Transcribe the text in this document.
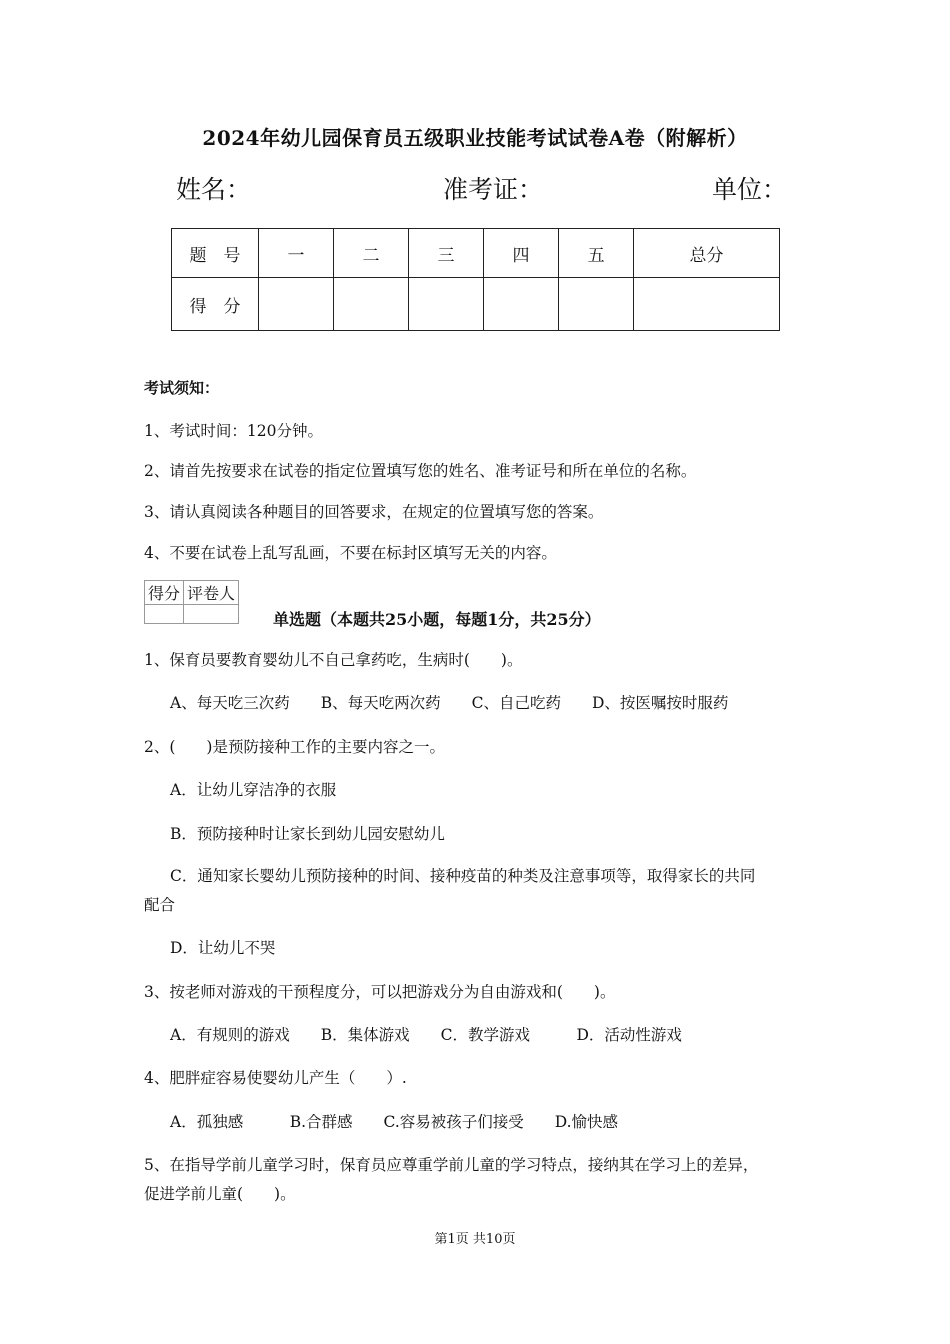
2024年幼儿园保育员五级职业技能考试试卷A卷（附解析）
姓名：	准考证：	单位：
题　号	一	二	三	四	五	总分
得　分						
考试须知：
1、考试时间：120分钟。
2、请首先按要求在试卷的指定位置填写您的姓名、准考证号和所在单位的名称。
3、请认真阅读各种题目的回答要求，在规定的位置填写您的答案。
4、不要在试卷上乱写乱画，不要在标封区填写无关的内容。
得分	评卷人

单选题（本题共25小题，每题1分，共25分）
1、保育员要教育婴幼儿不自己拿药吃，生病时(　　)。
A、每天吃三次药　　B、每天吃两次药　　C、自己吃药　　D、按医嘱按时服药
2、(　　)是预防接种工作的主要内容之一。
A．让幼儿穿洁净的衣服
B．预防接种时让家长到幼儿园安慰幼儿
C．通知家长婴幼儿预防接种的时间、接种疫苗的种类及注意事项等，取得家长的共同
配合
D．让幼儿不哭
3、按老师对游戏的干预程度分，可以把游戏分为自由游戏和(　　)。
A．有规则的游戏　　B．集体游戏　　C．教学游戏　　　D．活动性游戏
4、肥胖症容易使婴幼儿产生（　　）.
A．孤独感　　　B.合群感　　C.容易被孩子们接受　　D.愉快感
5、在指导学前儿童学习时，保育员应尊重学前儿童的学习特点，接纳其在学习上的差异，
促进学前儿童(　　)。
第1页 共10页
